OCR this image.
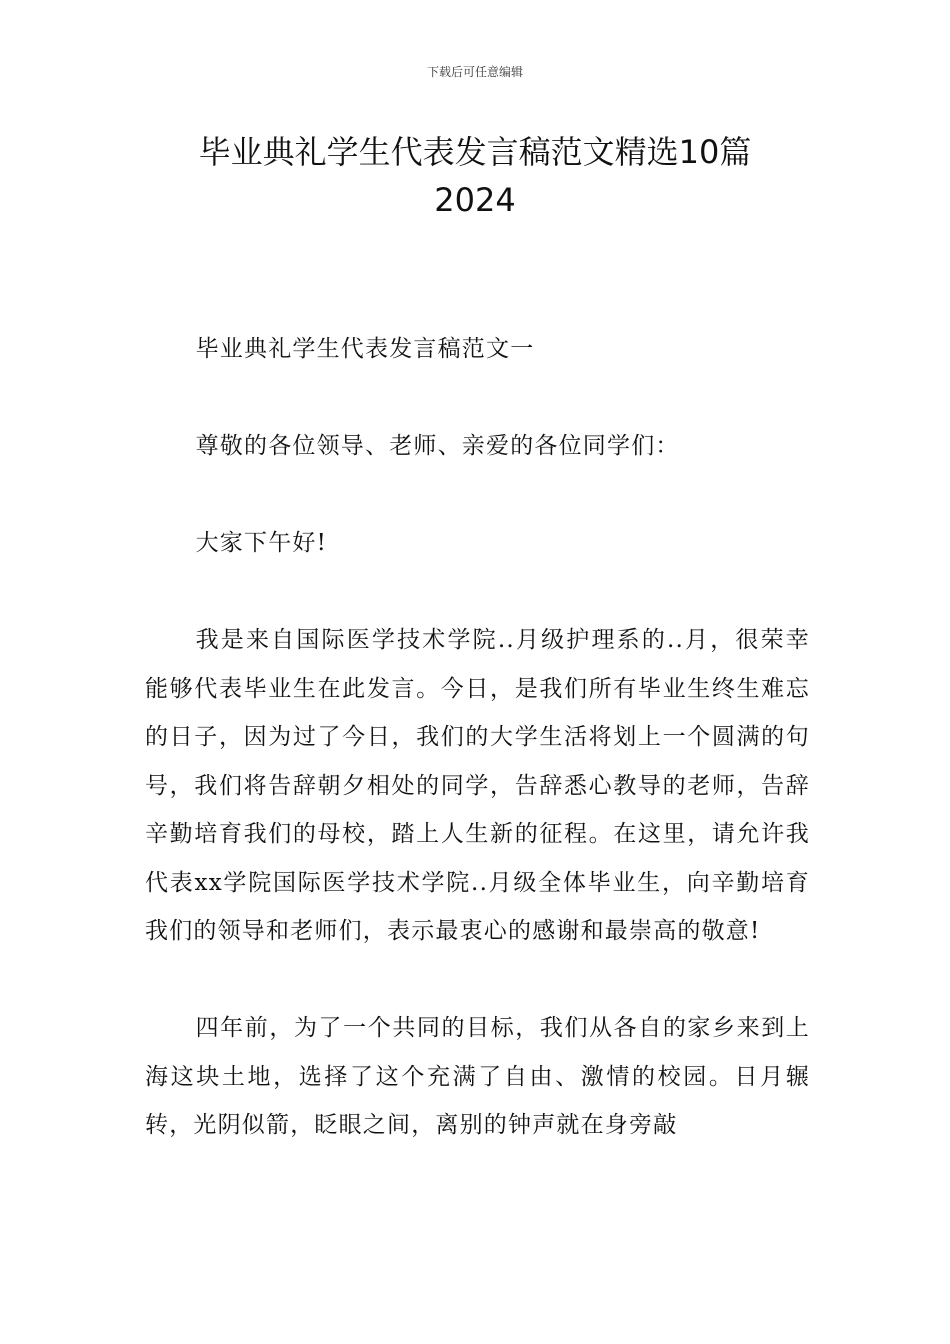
下载后可任意编辑
毕业典礼学生代表发言稿范文精选10篇
2024

毕业典礼学生代表发言稿范文一

尊敬的各位领导、老师、亲爱的各位同学们：

大家下午好!

我是来自国际医学技术学院..月级护理系的..月，很荣幸能够代表毕业生在此发言。今日，是我们所有毕业生终生难忘的日子，因为过了今日，我们的大学生活将划上一个圆满的句号，我们将告辞朝夕相处的同学，告辞悉心教导的老师，告辞辛勤培育我们的母校，踏上人生新的征程。在这里，请允许我代表xx学院国际医学技术学院..月级全体毕业生，向辛勤培育我们的领导和老师们，表示最衷心的感谢和最崇高的敬意!

四年前，为了一个共同的目标，我们从各自的家乡来到上海这块土地，选择了这个充满了自由、激情的校园。日月辗转，光阴似箭，眨眼之间，离别的钟声就在身旁敲
